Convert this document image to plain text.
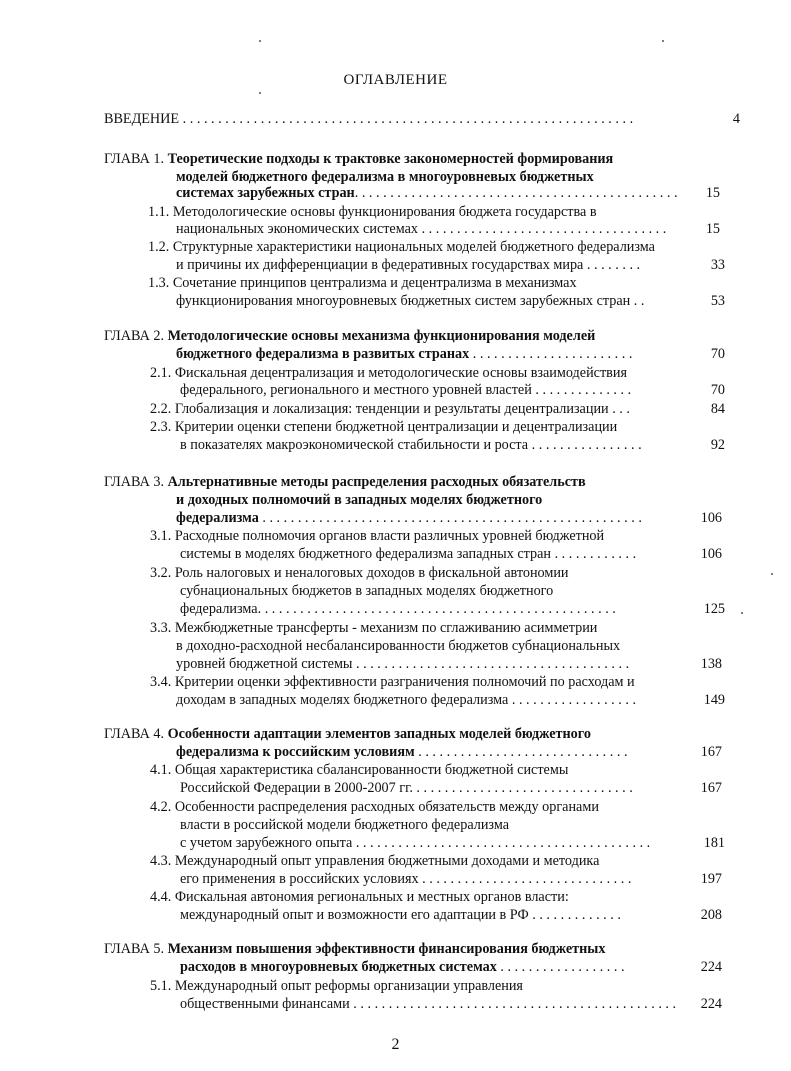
ОГЛАВЛЕНИЕ
ВВЕДЕНИЕ . . . . . . . . . . . . . . . . . . . . . . . . . . . . . . . . . . . . . . . . . . . . . . . . . . . . . . . . . . . . . . . .	4
ГЛАВА 1. Теоретические подходы к трактовке закономерностей формирования
моделей бюджетного федерализма в многоуровневых бюджетных
системах зарубежных стран. . . . . . . . . . . . . . . . . . . . . . . . . . . . . . . . . . . . . . . . . . . . . .	15
1.1. Методологические основы функционирования бюджета государства в
национальных экономических системах . . . . . . . . . . . . . . . . . . . . . . . . . . . . . . . . . . .	15
1.2. Структурные характеристики национальных моделей бюджетного федерализма
и причины их дифференциации в федеративных государствах мира . . . . . . . .	33
1.3. Сочетание принципов централизма и децентрализма в механизмах
функционирования многоуровневых бюджетных систем зарубежных стран . .	53
ГЛАВА 2. Методологические основы механизма функционирования моделей
бюджетного федерализма в развитых странах . . . . . . . . . . . . . . . . . . . . . . .	70
2.1. Фискальная децентрализация и методологические основы взаимодействия
федерального, регионального и местного уровней властей . . . . . . . . . . . . . .	70
2.2. Глобализация и локализация: тенденции и результаты децентрализации . . .	84
2.3. Критерии оценки степени бюджетной централизации и децентрализации
в показателях макроэкономической стабильности и роста . . . . . . . . . . . . . . . .	92
ГЛАВА 3. Альтернативные методы распределения расходных обязательств
и доходных полномочий в западных моделях бюджетного
федерализма . . . . . . . . . . . . . . . . . . . . . . . . . . . . . . . . . . . . . . . . . . . . . . . . . . . . . .	106
3.1. Расходные полномочия органов власти различных уровней бюджетной
системы в моделях бюджетного федерализма западных стран . . . . . . . . . . . .	106
3.2. Роль налоговых и неналоговых доходов в фискальной автономии
субнациональных бюджетов в западных моделях бюджетного
федерализма. . . . . . . . . . . . . . . . . . . . . . . . . . . . . . . . . . . . . . . . . . . . . . . . . . .	125
3.3. Межбюджетные трансферты - механизм по сглаживанию асимметрии
в доходно-расходной несбалансированности бюджетов субнациональных
уровней бюджетной системы . . . . . . . . . . . . . . . . . . . . . . . . . . . . . . . . . . . . . . .	138
3.4. Критерии оценки эффективности разграничения полномочий по расходам и
доходам в западных моделях бюджетного федерализма . . . . . . . . . . . . . . . . . .	149
ГЛАВА 4. Особенности адаптации элементов западных моделей бюджетного
федерализма к российским условиям . . . . . . . . . . . . . . . . . . . . . . . . . . . . . .	167
4.1. Общая характеристика сбалансированности бюджетной системы
Российской Федерации в 2000-2007 гг. . . . . . . . . . . . . . . . . . . . . . . . . . . . . . . .	167
4.2. Особенности распределения расходных обязательств между органами
власти в российской модели бюджетного федерализма
с учетом зарубежного опыта . . . . . . . . . . . . . . . . . . . . . . . . . . . . . . . . . . . . . . . . . .	181
4.3. Международный опыт управления бюджетными доходами и методика
его применения в российских условиях . . . . . . . . . . . . . . . . . . . . . . . . . . . . . .	197
4.4. Фискальная автономия региональных и местных органов власти:
международный опыт и возможности его адаптации в РФ . . . . . . . . . . . . .	208
ГЛАВА 5. Механизм повышения эффективности финансирования бюджетных
расходов в многоуровневых бюджетных системах . . . . . . . . . . . . . . . . . .	224
5.1. Международный опыт реформы организации управления
общественными финансами . . . . . . . . . . . . . . . . . . . . . . . . . . . . . . . . . . . . . . . . . . . . . .	224
2
